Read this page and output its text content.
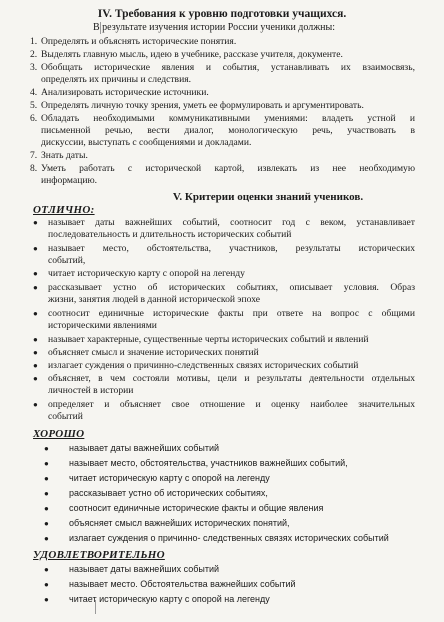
IV. Требования к уровню подготовки учащихся.
В результате изучения истории России ученики должны:
1. Определять и объяснять исторические понятия.
2. Выделять главную мысль, идею в учебнике, рассказе учителя, документе.
3. Обобщать исторические явления и события, устанавливать их взаимосвязь,
определять их причины и следствия.
4. Анализировать исторические источники.
5. Определять личную точку зрения, уметь ее формулировать и аргументировать.
6. Обладать необходимыми коммуникативными умениями: владеть устной и
письменной речью, вести диалог, монологическую речь, участвовать в
дискуссии, выступать с сообщениями и докладами.
7. Знать даты.
8. Уметь работать с исторической картой, извлекать из нее необходимую
информацию.
V. Критерии оценки знаний учеников.
ОТЛИЧНО:
● называет даты важнейших событий, соотносит год с веком, устанавливает
последовательность и длительность исторических событий
● называет место, обстоятельства, участников, результаты исторических
событий,
● читает историческую карту с опорой на легенду
● рассказывает устно об исторических событиях, описывает условия. Образ
жизни, занятия людей в данной исторической эпохе
● соотносит единичные исторические факты при ответе на вопрос с общими
историческими явлениями
● называет характерные, существенные черты исторических событий и явлений
● объясняет смысл и значение исторических понятий
● излагает суждения о причинно-следственных связях исторических событий
● объясняет, в чем состояли мотивы, цели и результаты деятельности отдельных
личностей в истории
● определяет и объясняет свое отношение и оценку наиболее значительных
событий
ХОРОШО
● называет даты важнейших событий
● называет место, обстоятельства, участников важнейших событий,
● читает историческую карту с опорой на легенду
● рассказывает устно об исторических событиях,
● соотносит единичные исторические факты и общие явления
● объясняет смысл важнейших исторических понятий,
● излагает суждения о причинно- следственных связях исторических событий
УДОВЛЕТВОРИТЕЛЬНО
● называет даты важнейших событий
● называет место. Обстоятельства важнейших событий
● читает историческую карту с опорой на легенду
